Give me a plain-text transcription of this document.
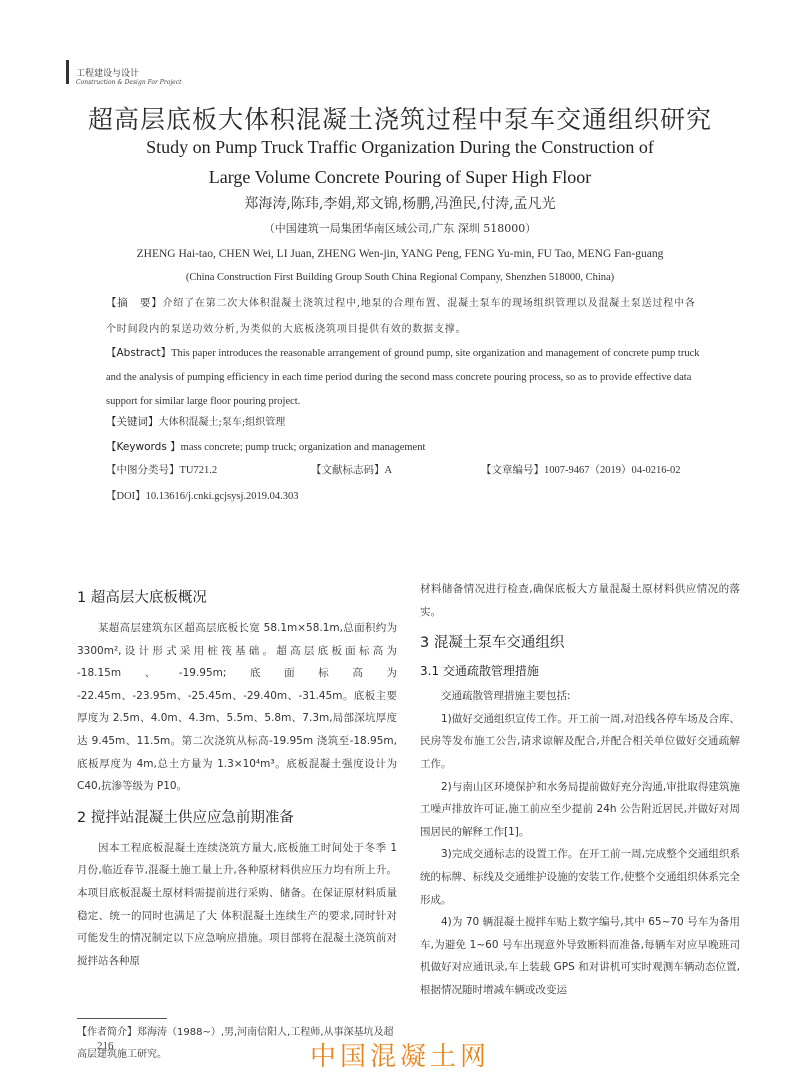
工程建设与设计
Construction & Design For Project
超高层底板大体积混凝土浇筑过程中泵车交通组织研究
Study on Pump Truck Traffic Organization During the Construction of
Large Volume Concrete Pouring of Super High Floor
郑海涛,陈玮,李娟,郑文锦,杨鹏,冯渔民,付涛,孟凡光
（中国建筑一局集团华南区域公司,广东 深圳 518000）
ZHENG Hai-tao, CHEN Wei, LI Juan, ZHENG Wen-jin, YANG Peng, FENG Yu-min, FU Tao, MENG Fan-guang
(China Construction First Building Group South China Regional Company, Shenzhen 518000, China)
【摘　要】介绍了在第二次大体积混凝土浇筑过程中,地泵的合理布置、混凝土泵车的现场组织管理以及混凝土泵送过程中各个时间段内的泵送功效分析,为类似的大底板浇筑项目提供有效的数据支撑。
【Abstract】This paper introduces the reasonable arrangement of ground pump, site organization and management of concrete pump truck and the analysis of pumping efficiency in each time period during the second mass concrete pouring process, so as to provide effective data support for similar large floor pouring project.
【关键词】大体积混凝土;泵车;组织管理
【Keywords 】mass concrete; pump truck; organization and management
【中图分类号】TU721.2	【文献标志码】A	【文章编号】1007-9467（2019）04-0216-02
【DOI】10.13616/j.cnki.gcjsysj.2019.04.303
1 超高层大底板概况
某超高层建筑东区超高层底板长宽 58.1m×58.1m,总面积约为 3300m²,设计形式采用桩筏基础。超高层底板面标高为 -18.15m、-19.95m;底面标高为 -22.45m、-23.95m、-25.45m、-29.40m、-31.45m。底板主要厚度为 2.5m、4.0m、4.3m、5.5m、5.8m、7.3m,局部深坑厚度达 9.45m、11.5m。第二次浇筑从标高-19.95m 浇筑至-18.95m,底板厚度为 4m,总土方量为 1.3×10⁴m³。底板混凝土强度设计为 C40,抗渗等级为 P10。
2 搅拌站混凝土供应应急前期准备
因本工程底板混凝土连续浇筑方量大,底板施工时间处于冬季 1 月份,临近春节,混凝土施工量上升,各种原材料供应压力均有所上升。本项目底板混凝土原材料需提前进行采购、储备。在保证原材料质量稳定、统一的同时也满足了大 体积混凝土连续生产的要求,同时针对可能发生的情况制定以下应急响应措施。项目部将在混凝土浇筑前对搅拌站各种原
材料储备情况进行检查,确保底板大方量混凝土原材料供应情况的落实。
3 混凝土泵车交通组织
3.1 交通疏散管理措施
交通疏散管理措施主要包括:
1)做好交通组织宣传工作。开工前一周,对沿线各停车场及合库、民房等发布施工公告,请求谅解及配合,并配合相关单位做好交通疏解工作。
2)与南山区环境保护和水务局提前做好充分沟通,审批取得建筑施工噪声排放许可证,施工前应至少提前 24h 公告附近居民,并做好对周围居民的解释工作[1]。
3)完成交通标志的设置工作。在开工前一周,完成整个交通组织系统的标牌、标线及交通维护设施的安装工作,使整个交通组织体系完全形成。
4)为 70 辆混凝土搅拌车贴上数字编号,其中 65~70 号车为备用车,为避免 1~60 号车出现意外导致断料而准备,每辆车对应早晚班司机做好对应通讯录,车上装载 GPS 和对讲机可实时观测车辆动态位置,根据情况随时增减车辆或改变运
【作者简介】郑海涛（1988~）,男,河南信阳人,工程师,从事深基坑及超高层建筑施工研究。
216	中国混凝土网
